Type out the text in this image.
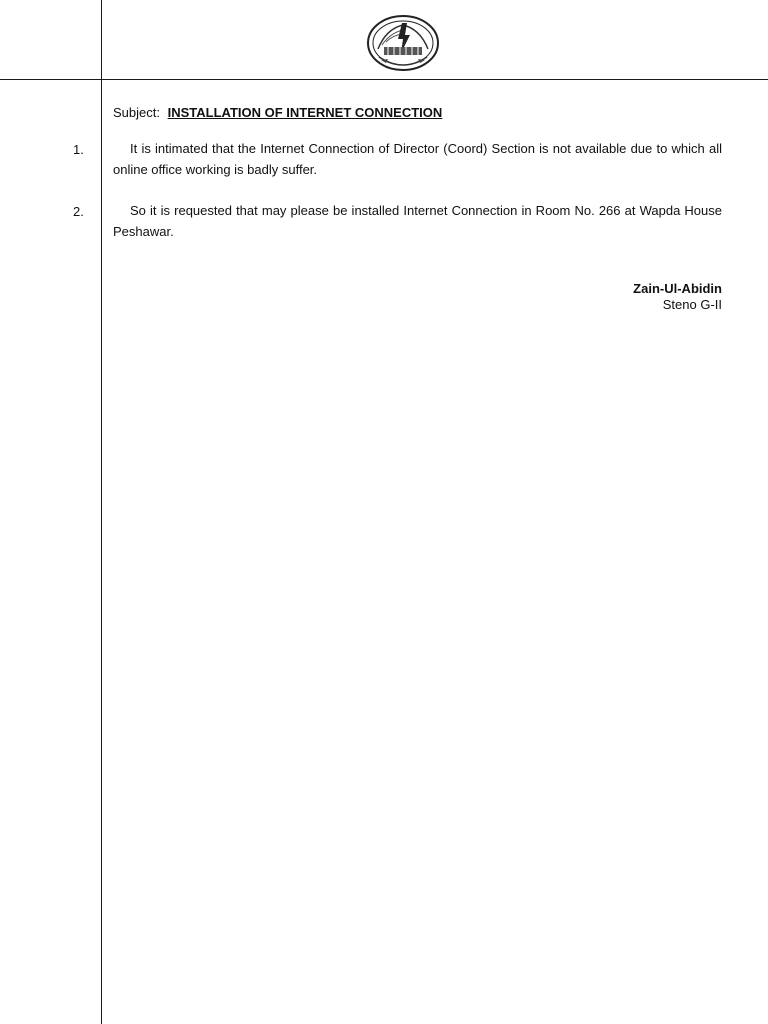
Subject: INSTALLATION OF INTERNET CONNECTION
1.	It is intimated that the Internet Connection of Director (Coord) Section is not available due to which all online office working is badly suffer.
2.	So it is requested that may please be installed Internet Connection in Room No. 266 at Wapda House Peshawar.
Zain-Ul-Abidin
Steno G-II
